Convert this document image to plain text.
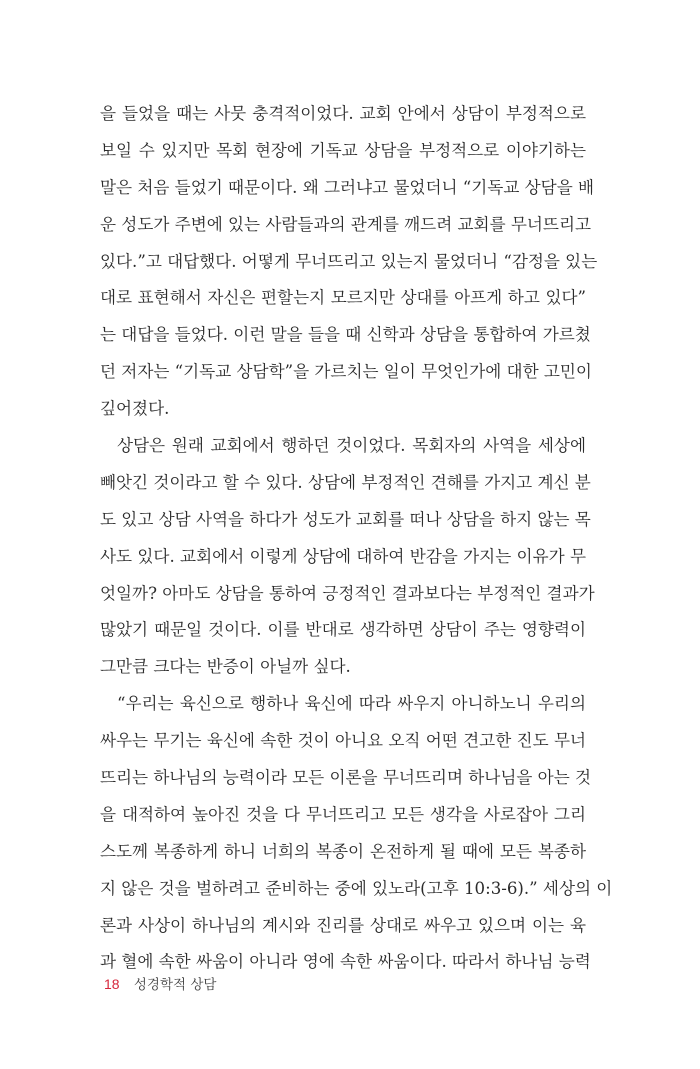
을 들었을 때는 사뭇 충격적이었다. 교회 안에서 상담이 부정적으로
보일 수 있지만 목회 현장에 기독교 상담을 부정적으로 이야기하는
말은 처음 들었기 때문이다. 왜 그러냐고 물었더니 “기독교 상담을 배
운 성도가 주변에 있는 사람들과의 관계를 깨드려 교회를 무너뜨리고
있다.”고 대답했다. 어떻게 무너뜨리고 있는지 물었더니 “감정을 있는
대로 표현해서 자신은 편할는지 모르지만 상대를 아프게 하고 있다”
는 대답을 들었다. 이런 말을 들을 때 신학과 상담을 통합하여 가르쳤
던 저자는 “기독교 상담학”을 가르치는 일이 무엇인가에 대한 고민이
깊어졌다.
상담은 원래 교회에서 행하던 것이었다. 목회자의 사역을 세상에
빼앗긴 것이라고 할 수 있다. 상담에 부정적인 견해를 가지고 계신 분
도 있고 상담 사역을 하다가 성도가 교회를 떠나 상담을 하지 않는 목
사도 있다. 교회에서 이렇게 상담에 대하여 반감을 가지는 이유가 무
엇일까? 아마도 상담을 통하여 긍정적인 결과보다는 부정적인 결과가
많았기 때문일 것이다. 이를 반대로 생각하면 상담이 주는 영향력이
그만큼 크다는 반증이 아닐까 싶다.
“우리는 육신으로 행하나 육신에 따라 싸우지 아니하노니 우리의
싸우는 무기는 육신에 속한 것이 아니요 오직 어떤 견고한 진도 무너
뜨리는 하나님의 능력이라 모든 이론을 무너뜨리며 하나님을 아는 것
을 대적하여 높아진 것을 다 무너뜨리고 모든 생각을 사로잡아 그리
스도께 복종하게 하니 너희의 복종이 온전하게 될 때에 모든 복종하
지 않은 것을 벌하려고 준비하는 중에 있노라(고후 10:3-6).” 세상의 이
론과 사상이 하나님의 계시와 진리를 상대로 싸우고 있으며 이는 육
과 혈에 속한 싸움이 아니라 영에 속한 싸움이다. 따라서 하나님 능력
18 성경학적 상담
